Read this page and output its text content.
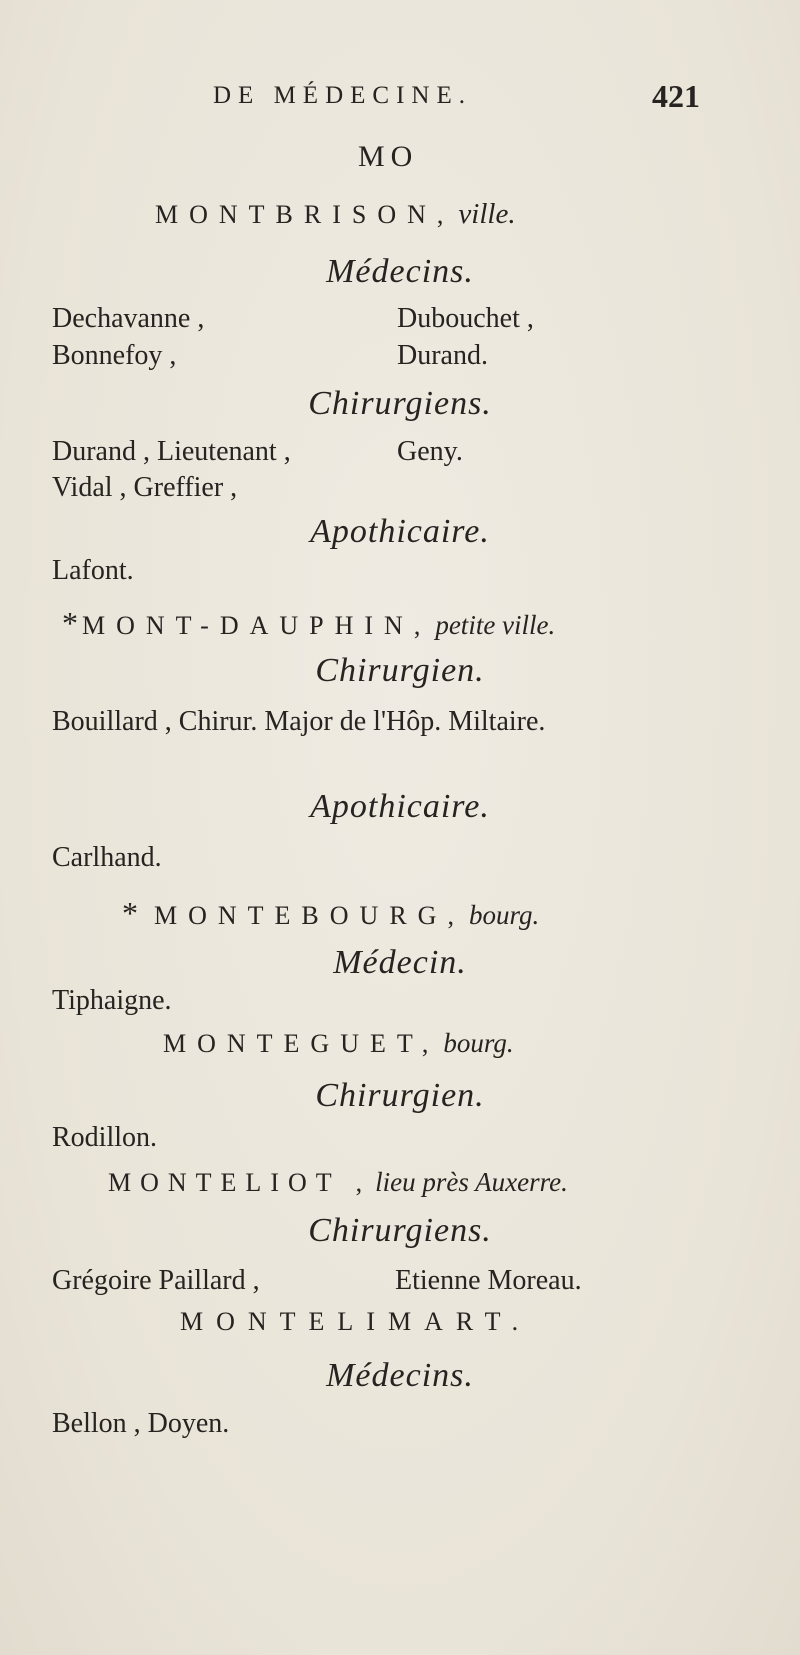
DE MÉDECINE.	421
MO
MONTBRISON, ville.
Médecins.
Dechavanne ,	Dubouchet ,
Bonnefoy ,	Durand.
Chirurgiens.
Durand , Lieutenant ,	Geny.
Vidal , Greffier ,
Apothicaire.
Lafont.
* MONT-DAUPHIN, petite ville.
Chirurgien.
Bouillard , Chirur. Major de l'Hôp. Miltaire.
Apothicaire.
Carlhand.
* MONTEBOURG, bourg.
Médecin.
Tiphaigne.
MONTEGUET, bourg.
Chirurgien.
Rodillon.
MONTELIOT , lieu près Auxerre.
Chirurgiens.
Grégoire Paillard ,	Etienne Moreau.
MONTELIMART.
Médecins.
Bellon , Doyen.
